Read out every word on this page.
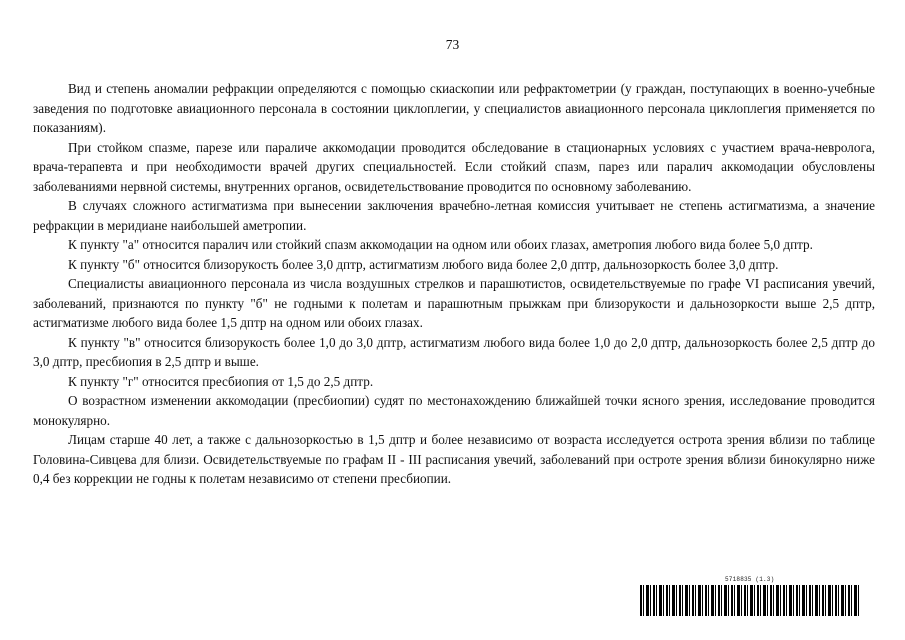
73

Вид и степень аномалии рефракции определяются с помощью скиаскопии или рефрактометрии (у граждан, поступающих в военно-учебные заведения по подготовке авиационного персонала в состоянии циклоплегии, у специалистов авиационного персонала циклоплегия применяется по показаниям).

При стойком спазме, парезе или параличе аккомодации проводится обследование в стационарных условиях с участием врача-невролога, врача-терапевта и при необходимости врачей других специальностей. Если стойкий спазм, парез или паралич аккомодации обусловлены заболеваниями нервной системы, внутренних органов, освидетельствование проводится по основному заболеванию.

В случаях сложного астигматизма при вынесении заключения врачебно-летная комиссия учитывает не степень астигматизма, а значение рефракции в меридиане наибольшей аметропии.

К пункту "а" относится паралич или стойкий спазм аккомодации на одном или обоих глазах, аметропия любого вида более 5,0 дптр.

К пункту "б" относится близорукость более 3,0 дптр, астигматизм любого вида более 2,0 дптр, дальнозоркость более 3,0 дптр.

Специалисты авиационного персонала из числа воздушных стрелков и парашютистов, освидетельствуемые по графе VI расписания увечий, заболеваний, признаются по пункту "б" не годными к полетам и парашютным прыжкам при близорукости и дальнозоркости выше 2,5 дптр, астигматизме любого вида более 1,5 дптр на одном или обоих глазах.

К пункту "в" относится близорукость более 1,0 до 3,0 дптр, астигматизм любого вида более 1,0 до 2,0 дптр, дальнозоркость более 2,5 дптр до 3,0 дптр, пресбиопия в 2,5 дптр и выше.

К пункту "г" относится пресбиопия от 1,5 до 2,5 дптр.

О возрастном изменении аккомодации (пресбиопии) судят по местонахождению ближайшей точки ясного зрения, исследование проводится монокулярно.

Лицам старше 40 лет, а также с дальнозоркостью в 1,5 дптр и более независимо от возраста исследуется острота зрения вблизи по таблице Головина-Сивцева для близи. Освидетельствуемые по графам II - III расписания увечий, заболеваний при остроте зрения вблизи бинокулярно ниже 0,4 без коррекции не годны к полетам независимо от степени пресбиопии.

5718835 (1.3)
